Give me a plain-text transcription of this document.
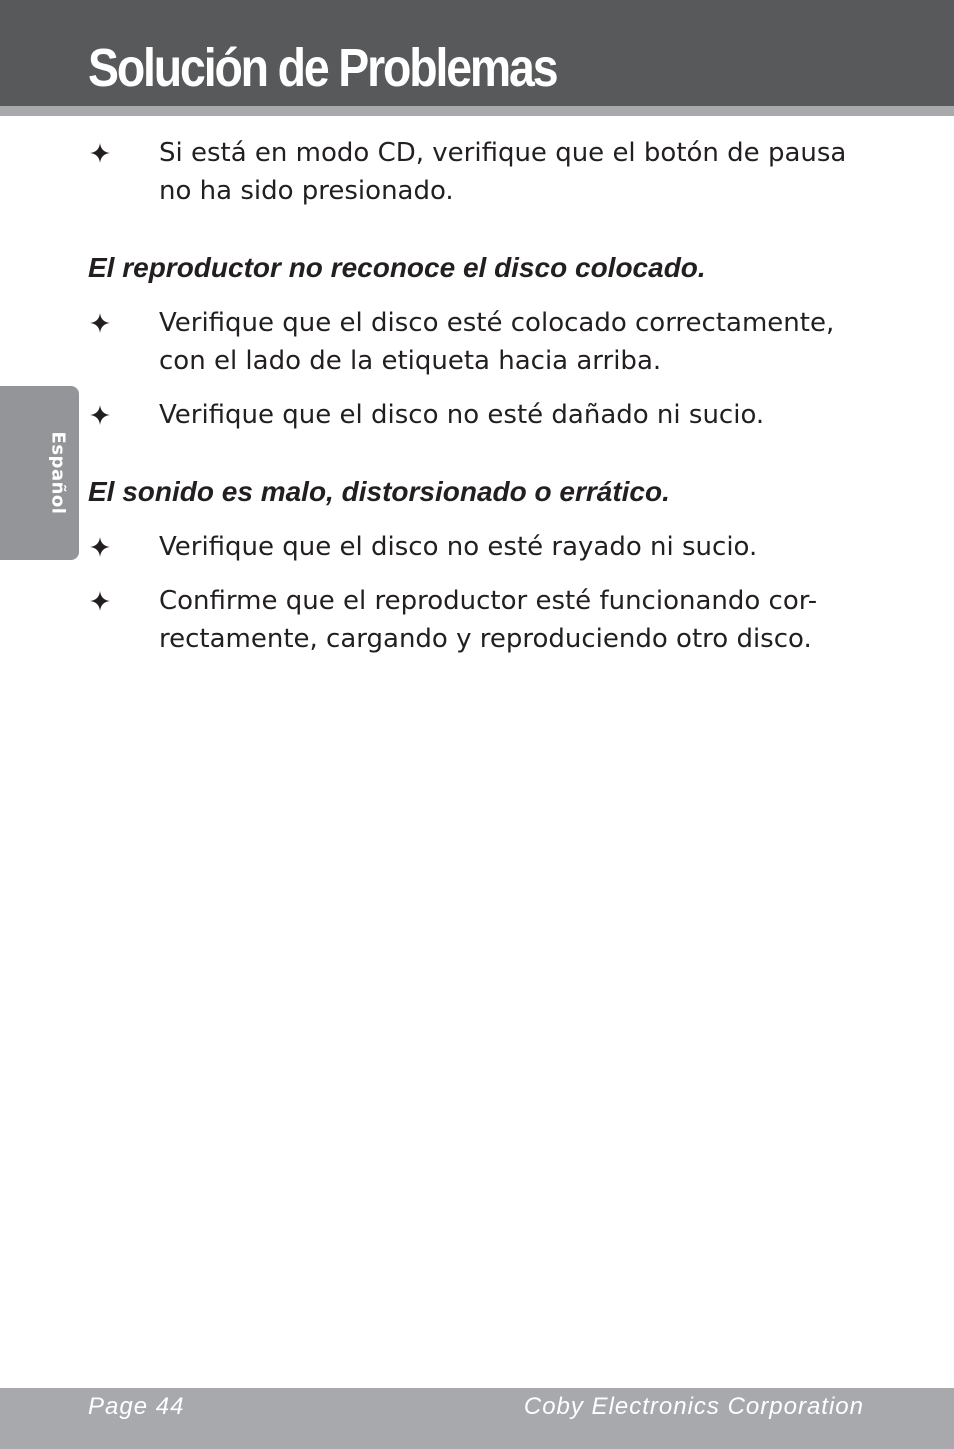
Solución de Problemas
Español
Si está en modo CD, verifique que el botón de pausa no ha sido presionado.
El reproductor no reconoce el disco colocado.
Verifique que el disco esté colocado correctamente, con el lado de la etiqueta hacia arriba.
Verifique que el disco no esté dañado ni sucio.
El sonido es malo, distorsionado o errático.
Verifique que el disco no esté rayado ni sucio.
Confirme que el reproductor esté funcionando cor-rectamente, cargando y reproduciendo otro disco.
Page 44	Coby Electronics Corporation
